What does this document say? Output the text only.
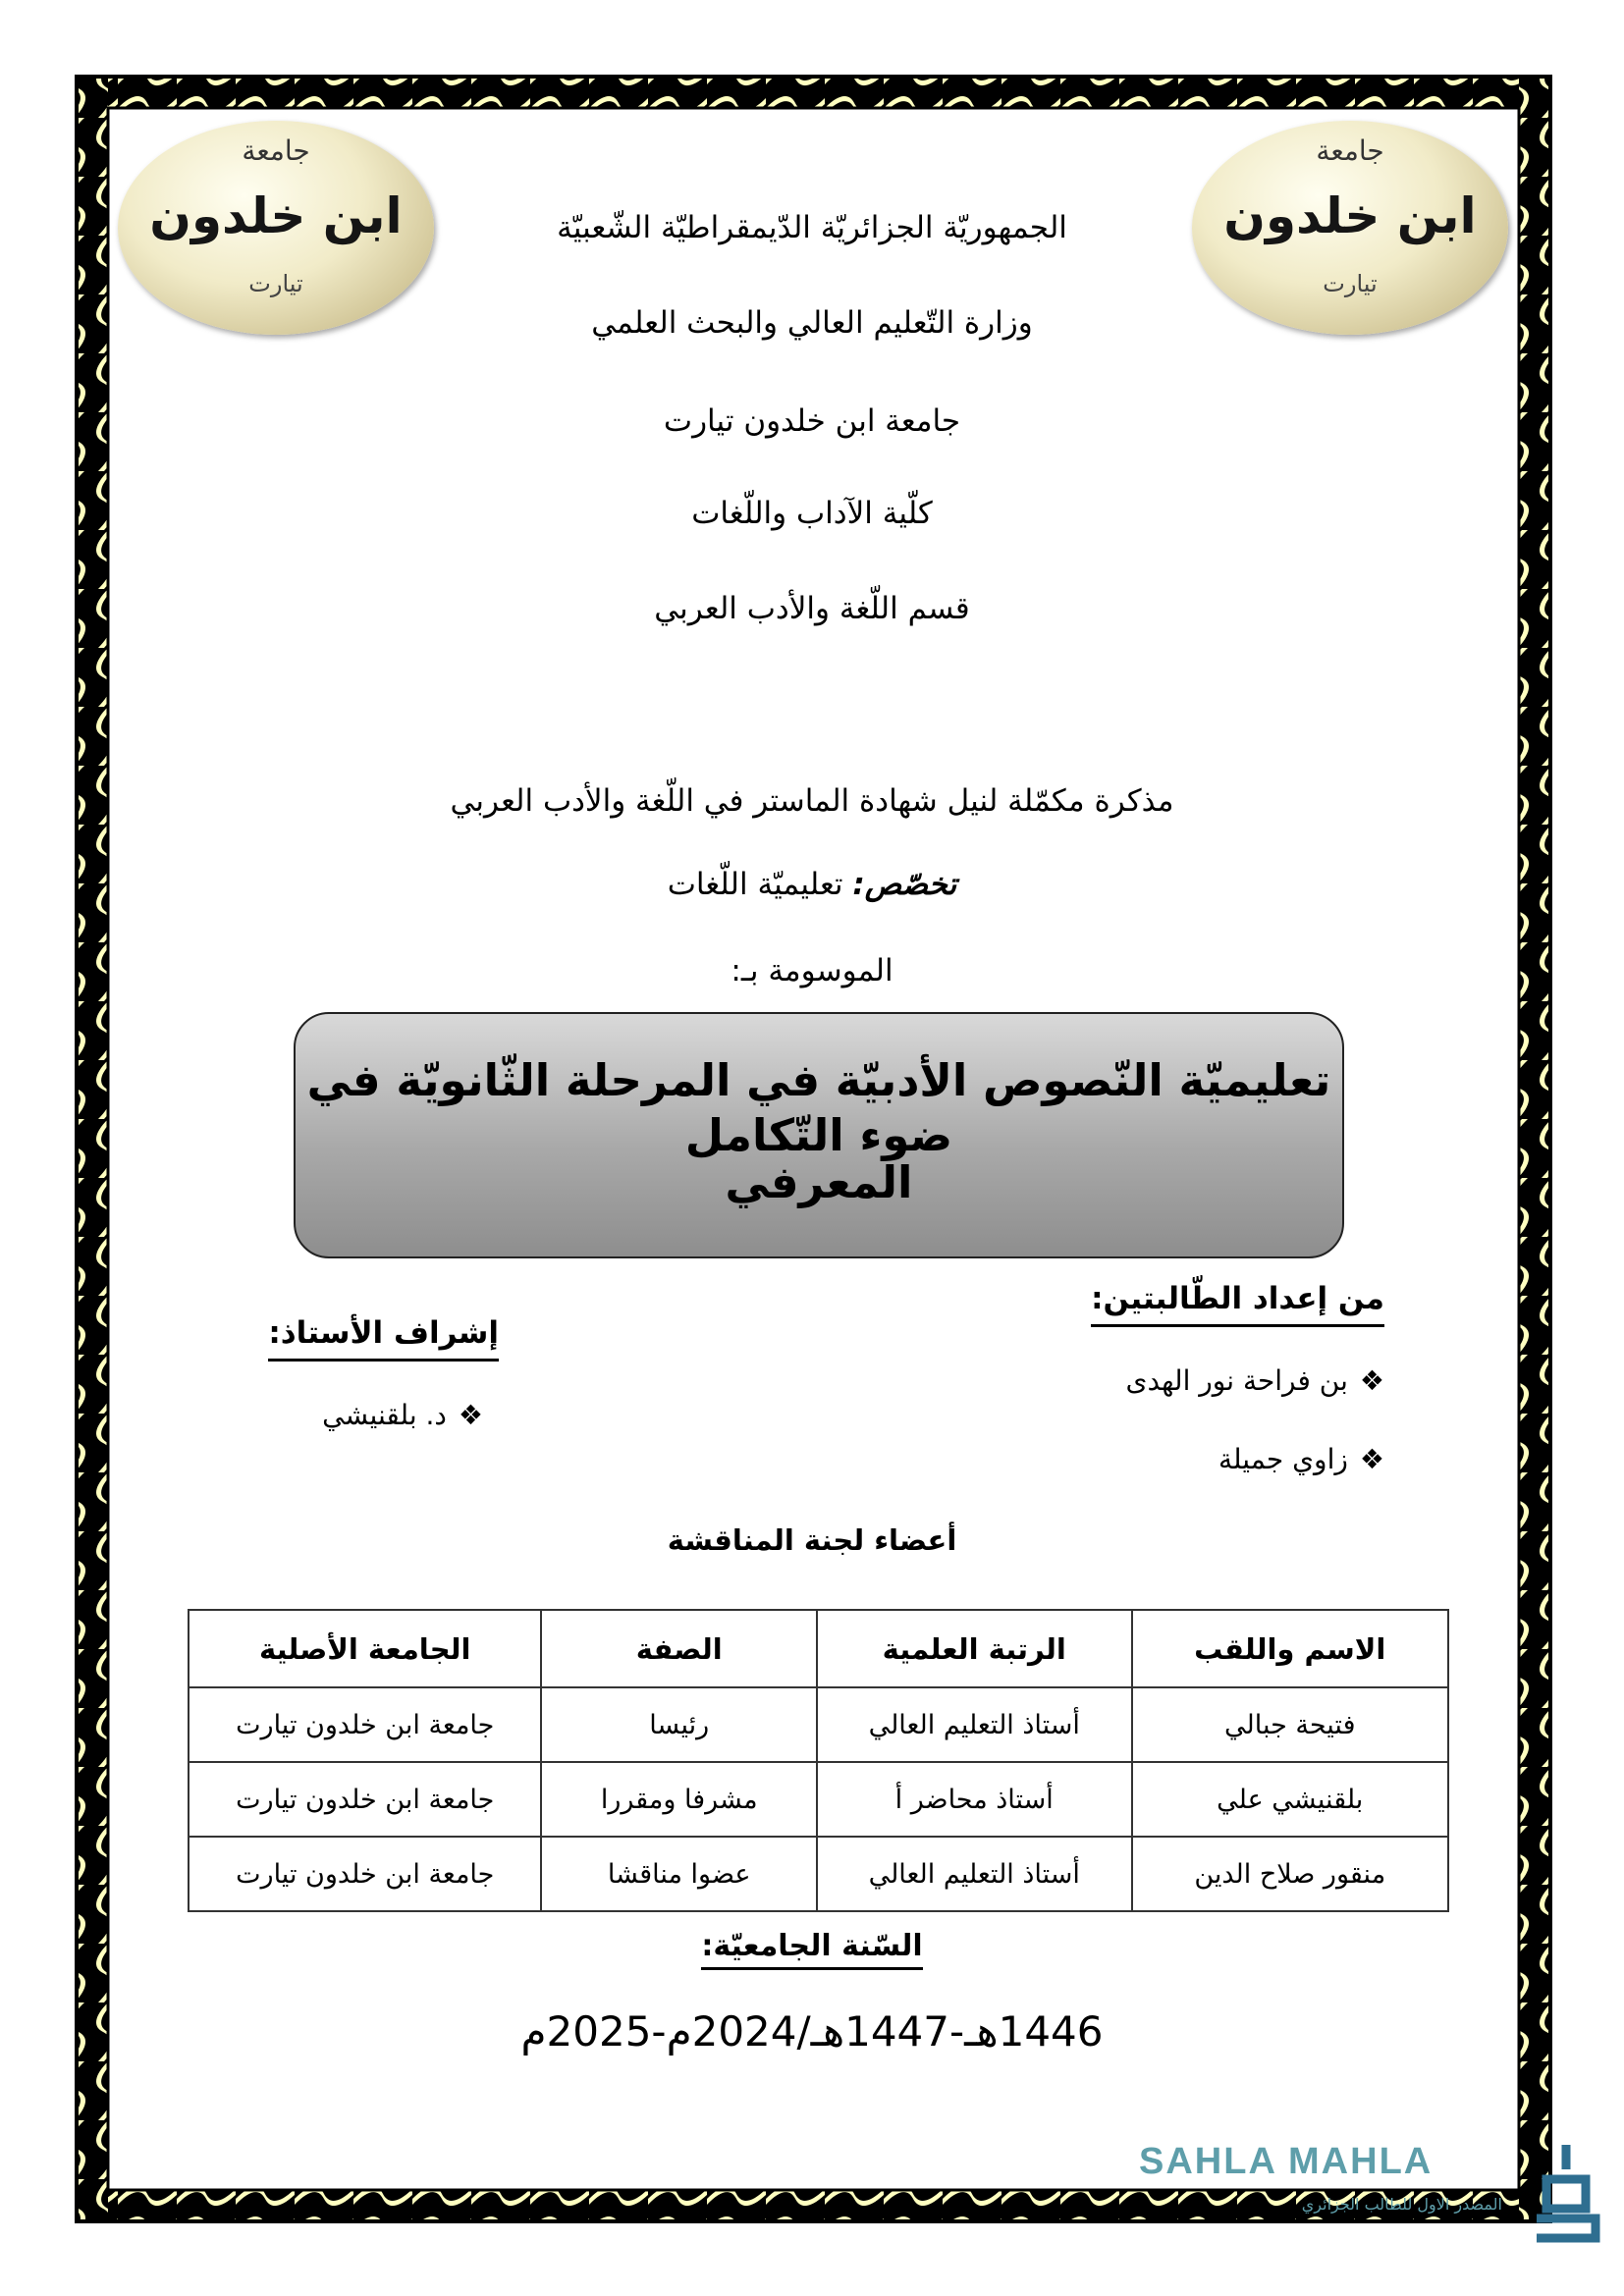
جامعة
ابن خلدون
تيارت
جامعة
ابن خلدون
تيارت
الجمهوريّة الجزائريّة الدّيمقراطيّة الشّعبيّة
وزارة التّعليم العالي والبحث العلمي
جامعة ابن خلدون تيارت
كلّية الآداب واللّغات
قسم اللّغة والأدب العربي
مذكرة مكمّلة لنيل شهادة الماستر في اللّغة والأدب العربي
تخصّص: تعليميّة اللّغات
الموسومة بـ:
تعليميّة النّصوص الأدبيّة في المرحلة الثّانويّة في ضوء التّكامل
المعرفي
من إعداد الطّالبتين:
❖بن فراحة نور الهدى
❖زاوي جميلة
إشراف الأستاذ:
❖د. بلقنيشي
أعضاء لجنة المناقشة
الاسم واللقب	الرتبة العلمية	الصفة	الجامعة الأصلية
فتيحة جبالي	أستاذ التعليم العالي	رئيسا	جامعة ابن خلدون تيارت
بلقنيشي علي	أستاذ محاضر أ	مشرفا ومقررا	جامعة ابن خلدون تيارت
منقور صلاح الدين	أستاذ التعليم العالي	عضوا مناقشا	جامعة ابن خلدون تيارت
السّنة الجامعيّة:
1446هـ-1447هـ/2024م-2025م
SAHLA MAHLA
المصدر الاول للطالب الجزائري
